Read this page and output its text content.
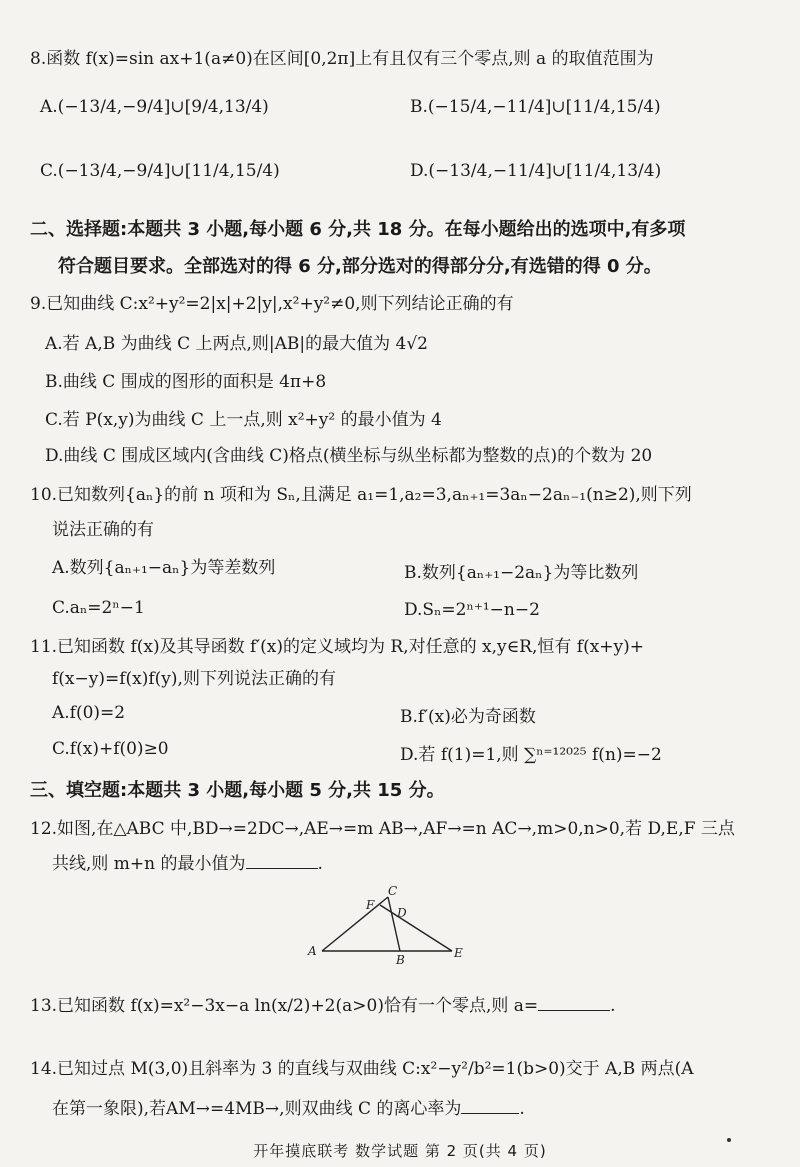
8.函数 f(x)=sin ax+1(a≠0)在区间[0,2π]上有且仅有三个零点,则 a 的取值范围为
A.(−13/4,−9/4]∪[9/4,13/4)	B.(−15/4,−11/4]∪[11/4,15/4)
C.(−13/4,−9/4]∪[11/4,15/4)	D.(−13/4,−11/4]∪[11/4,13/4)
二、选择题:本题共 3 小题,每小题 6 分,共 18 分。在每小题给出的选项中,有多项
符合题目要求。全部选对的得 6 分,部分选对的得部分分,有选错的得 0 分。
9.已知曲线 C:x²+y²=2|x|+2|y|,x²+y²≠0,则下列结论正确的有
A.若 A,B 为曲线 C 上两点,则|AB|的最大值为 4√2
B.曲线 C 围成的图形的面积是 4π+8
C.若 P(x,y)为曲线 C 上一点,则 x²+y² 的最小值为 4
D.曲线 C 围成区域内(含曲线 C)格点(横坐标与纵坐标都为整数的点)的个数为 20
10.已知数列{aₙ}的前 n 项和为 Sₙ,且满足 a₁=1,a₂=3,aₙ₊₁=3aₙ−2aₙ₋₁(n≥2),则下列
说法正确的有
A.数列{aₙ₊₁−aₙ}为等差数列	B.数列{aₙ₊₁−2aₙ}为等比数列
C.aₙ=2ⁿ−1	D.Sₙ=2ⁿ⁺¹−n−2
11.已知函数 f(x)及其导函数 f′(x)的定义域均为 R,对任意的 x,y∈R,恒有 f(x+y)+
f(x−y)=f(x)f(y),则下列说法正确的有
A.f(0)=2	B.f′(x)必为奇函数
C.f(x)+f(0)≥0	D.若 f(1)=1,则 ∑ⁿ⁼¹²⁰²⁵ f(n)=−2
三、填空题:本题共 3 小题,每小题 5 分,共 15 分。
12.如图,在△ABC 中,BD→=2DC→,AE→=m AB→,AF→=n AC→,m>0,n>0,若 D,E,F 三点
共线,则 m+n 的最小值为	.
A
B
C
D
E
F
13.已知函数 f(x)=x²−3x−a ln(x/2)+2(a>0)恰有一个零点,则 a=	.
14.已知过点 M(3,0)且斜率为 3 的直线与双曲线 C:x²−y²/b²=1(b>0)交于 A,B 两点(A
在第一象限),若AM→=4MB→,则双曲线 C 的离心率为	.
开年摸底联考 数学试题 第 2 页(共 4 页)
